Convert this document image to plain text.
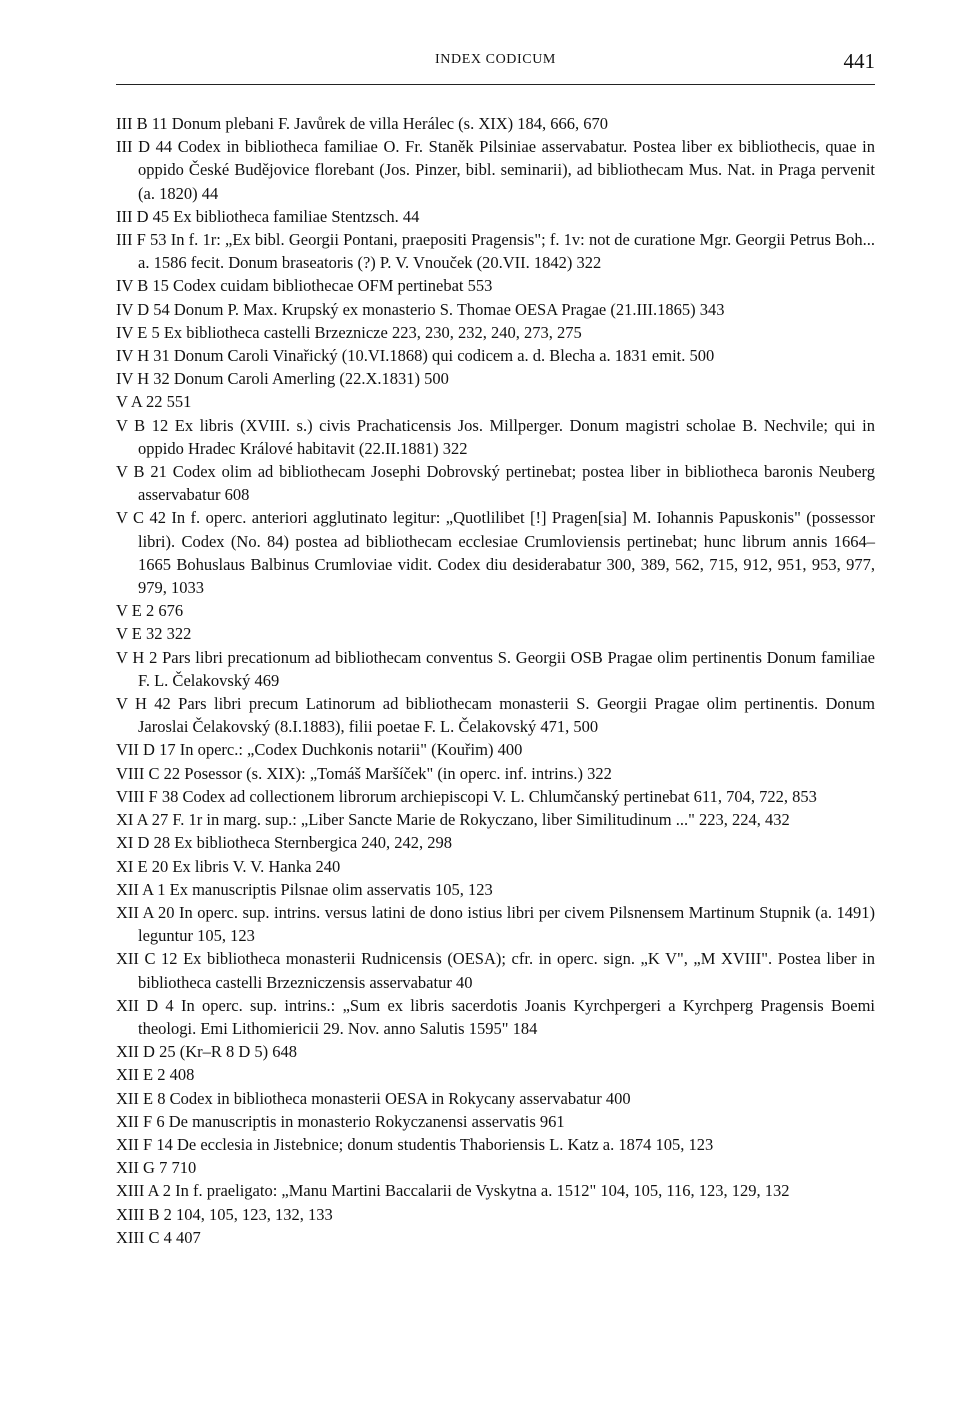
INDEX CODICUM	441
III B 11 Donum plebani F. Javůrek de villa Herálec (s. XIX) 184, 666, 670
III D 44 Codex in bibliotheca familiae O. Fr. Staněk Pilsiniae asservabatur. Postea liber ex bibliothecis, quae in oppido České Budějovice florebant (Jos. Pinzer, bibl. seminarii), ad bibliothecam Mus. Nat. in Praga pervenit (a. 1820) 44
III D 45 Ex bibliotheca familiae Stentzsch. 44
III F 53 In f. 1r: „Ex bibl. Georgii Pontani, praepositi Pragensis"; f. 1v: not de curatione Mgr. Georgii Petrus Boh... a. 1586 fecit. Donum braseatoris (?) P. V. Vnouček (20.VII. 1842) 322
IV B 15 Codex cuidam bibliothecae OFM pertinebat 553
IV D 54 Donum P. Max. Krupský ex monasterio S. Thomae OESA Pragae (21.III.1865) 343
IV E 5 Ex bibliotheca castelli Brzeznicze 223, 230, 232, 240, 273, 275
IV H 31 Donum Caroli Vinařický (10.VI.1868) qui codicem a. d. Blecha a. 1831 emit. 500
IV H 32 Donum Caroli Amerling (22.X.1831) 500
V A 22 551
V B 12 Ex libris (XVIII. s.) civis Prachaticensis Jos. Millperger. Donum magistri scholae B. Nechvile; qui in oppido Hradec Králové habitavit (22.II.1881) 322
V B 21 Codex olim ad bibliothecam Josephi Dobrovský pertinebat; postea liber in bibliotheca baronis Neuberg asservabatur 608
V C 42 In f. operc. anteriori agglutinato legitur: „Quotlilibet [!] Pragen[sia] M. Iohannis Papuskonis" (possessor libri). Codex (No. 84) postea ad bibliothecam ecclesiae Crumloviensis pertinebat; hunc librum annis 1664–1665 Bohuslaus Balbinus Crumloviae vidit. Codex diu desiderabatur 300, 389, 562, 715, 912, 951, 953, 977, 979, 1033
V E 2 676
V E 32 322
V H 2 Pars libri precationum ad bibliothecam conventus S. Georgii OSB Pragae olim pertinentis Donum familiae F. L. Čelakovský 469
V H 42 Pars libri precum Latinorum ad bibliothecam monasterii S. Georgii Pragae olim pertinentis. Donum Jaroslai Čelakovský (8.I.1883), filii poetae F. L. Čelakovský 471, 500
VII D 17 In operc.: „Codex Duchkonis notarii" (Kouřim) 400
VIII C 22 Posessor (s. XIX): „Tomáš Maršíček" (in operc. inf. intrins.) 322
VIII F 38 Codex ad collectionem librorum archiepiscopi V. L. Chlumčanský pertinebat 611, 704, 722, 853
XI A 27 F. 1r in marg. sup.: „Liber Sancte Marie de Rokyczano, liber Similitudinum ..." 223, 224, 432
XI D 28 Ex bibliotheca Sternbergica 240, 242, 298
XI E 20 Ex libris V. V. Hanka 240
XII A 1 Ex manuscriptis Pilsnae olim asservatis 105, 123
XII A 20 In operc. sup. intrins. versus latini de dono istius libri per civem Pilsnensem Martinum Stupnik (a. 1491) leguntur 105, 123
XII C 12 Ex bibliotheca monasterii Rudnicensis (OESA); cfr. in operc. sign. „K V", „M XVIII". Postea liber in bibliotheca castelli Brzezniczensis asservabatur 40
XII D 4 In operc. sup. intrins.: „Sum ex libris sacerdotis Joanis Kyrchpergeri a Kyrchperg Pragensis Boemi theologi. Emi Lithomiericii 29. Nov. anno Salutis 1595" 184
XII D 25 (Kr–R 8 D 5) 648
XII E 2 408
XII E 8 Codex in bibliotheca monasterii OESA in Rokycany asservabatur 400
XII F 6 De manuscriptis in monasterio Rokyczanensi asservatis 961
XII F 14 De ecclesia in Jistebnice; donum studentis Thaboriensis L. Katz a. 1874 105, 123
XII G 7 710
XIII A 2 In f. praeligato: „Manu Martini Baccalarii de Vyskytna a. 1512" 104, 105, 116, 123, 129, 132
XIII B 2 104, 105, 123, 132, 133
XIII C 4 407
